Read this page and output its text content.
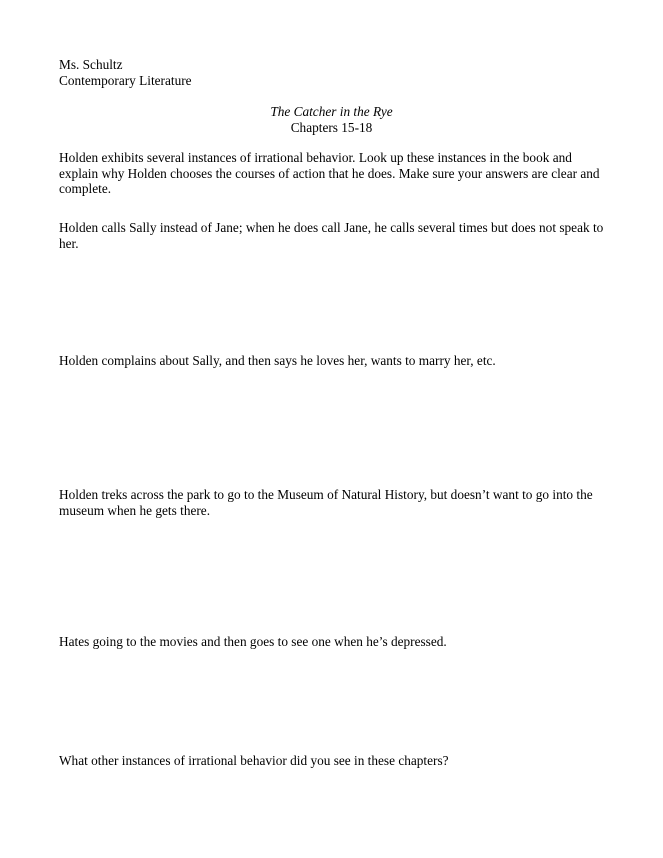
Ms. Schultz
Contemporary Literature
The Catcher in the Rye
Chapters 15-18
Holden exhibits several instances of irrational behavior. Look up these instances in the book and explain why Holden chooses the courses of action that he does. Make sure your answers are clear and complete.
Holden calls Sally instead of Jane; when he does call Jane, he calls several times but does not speak to her.
Holden complains about Sally, and then says he loves her, wants to marry her, etc.
Holden treks across the park to go to the Museum of Natural History, but doesn’t want to go into the museum when he gets there.
Hates going to the movies and then goes to see one when he’s depressed.
What other instances of irrational behavior did you see in these chapters?
